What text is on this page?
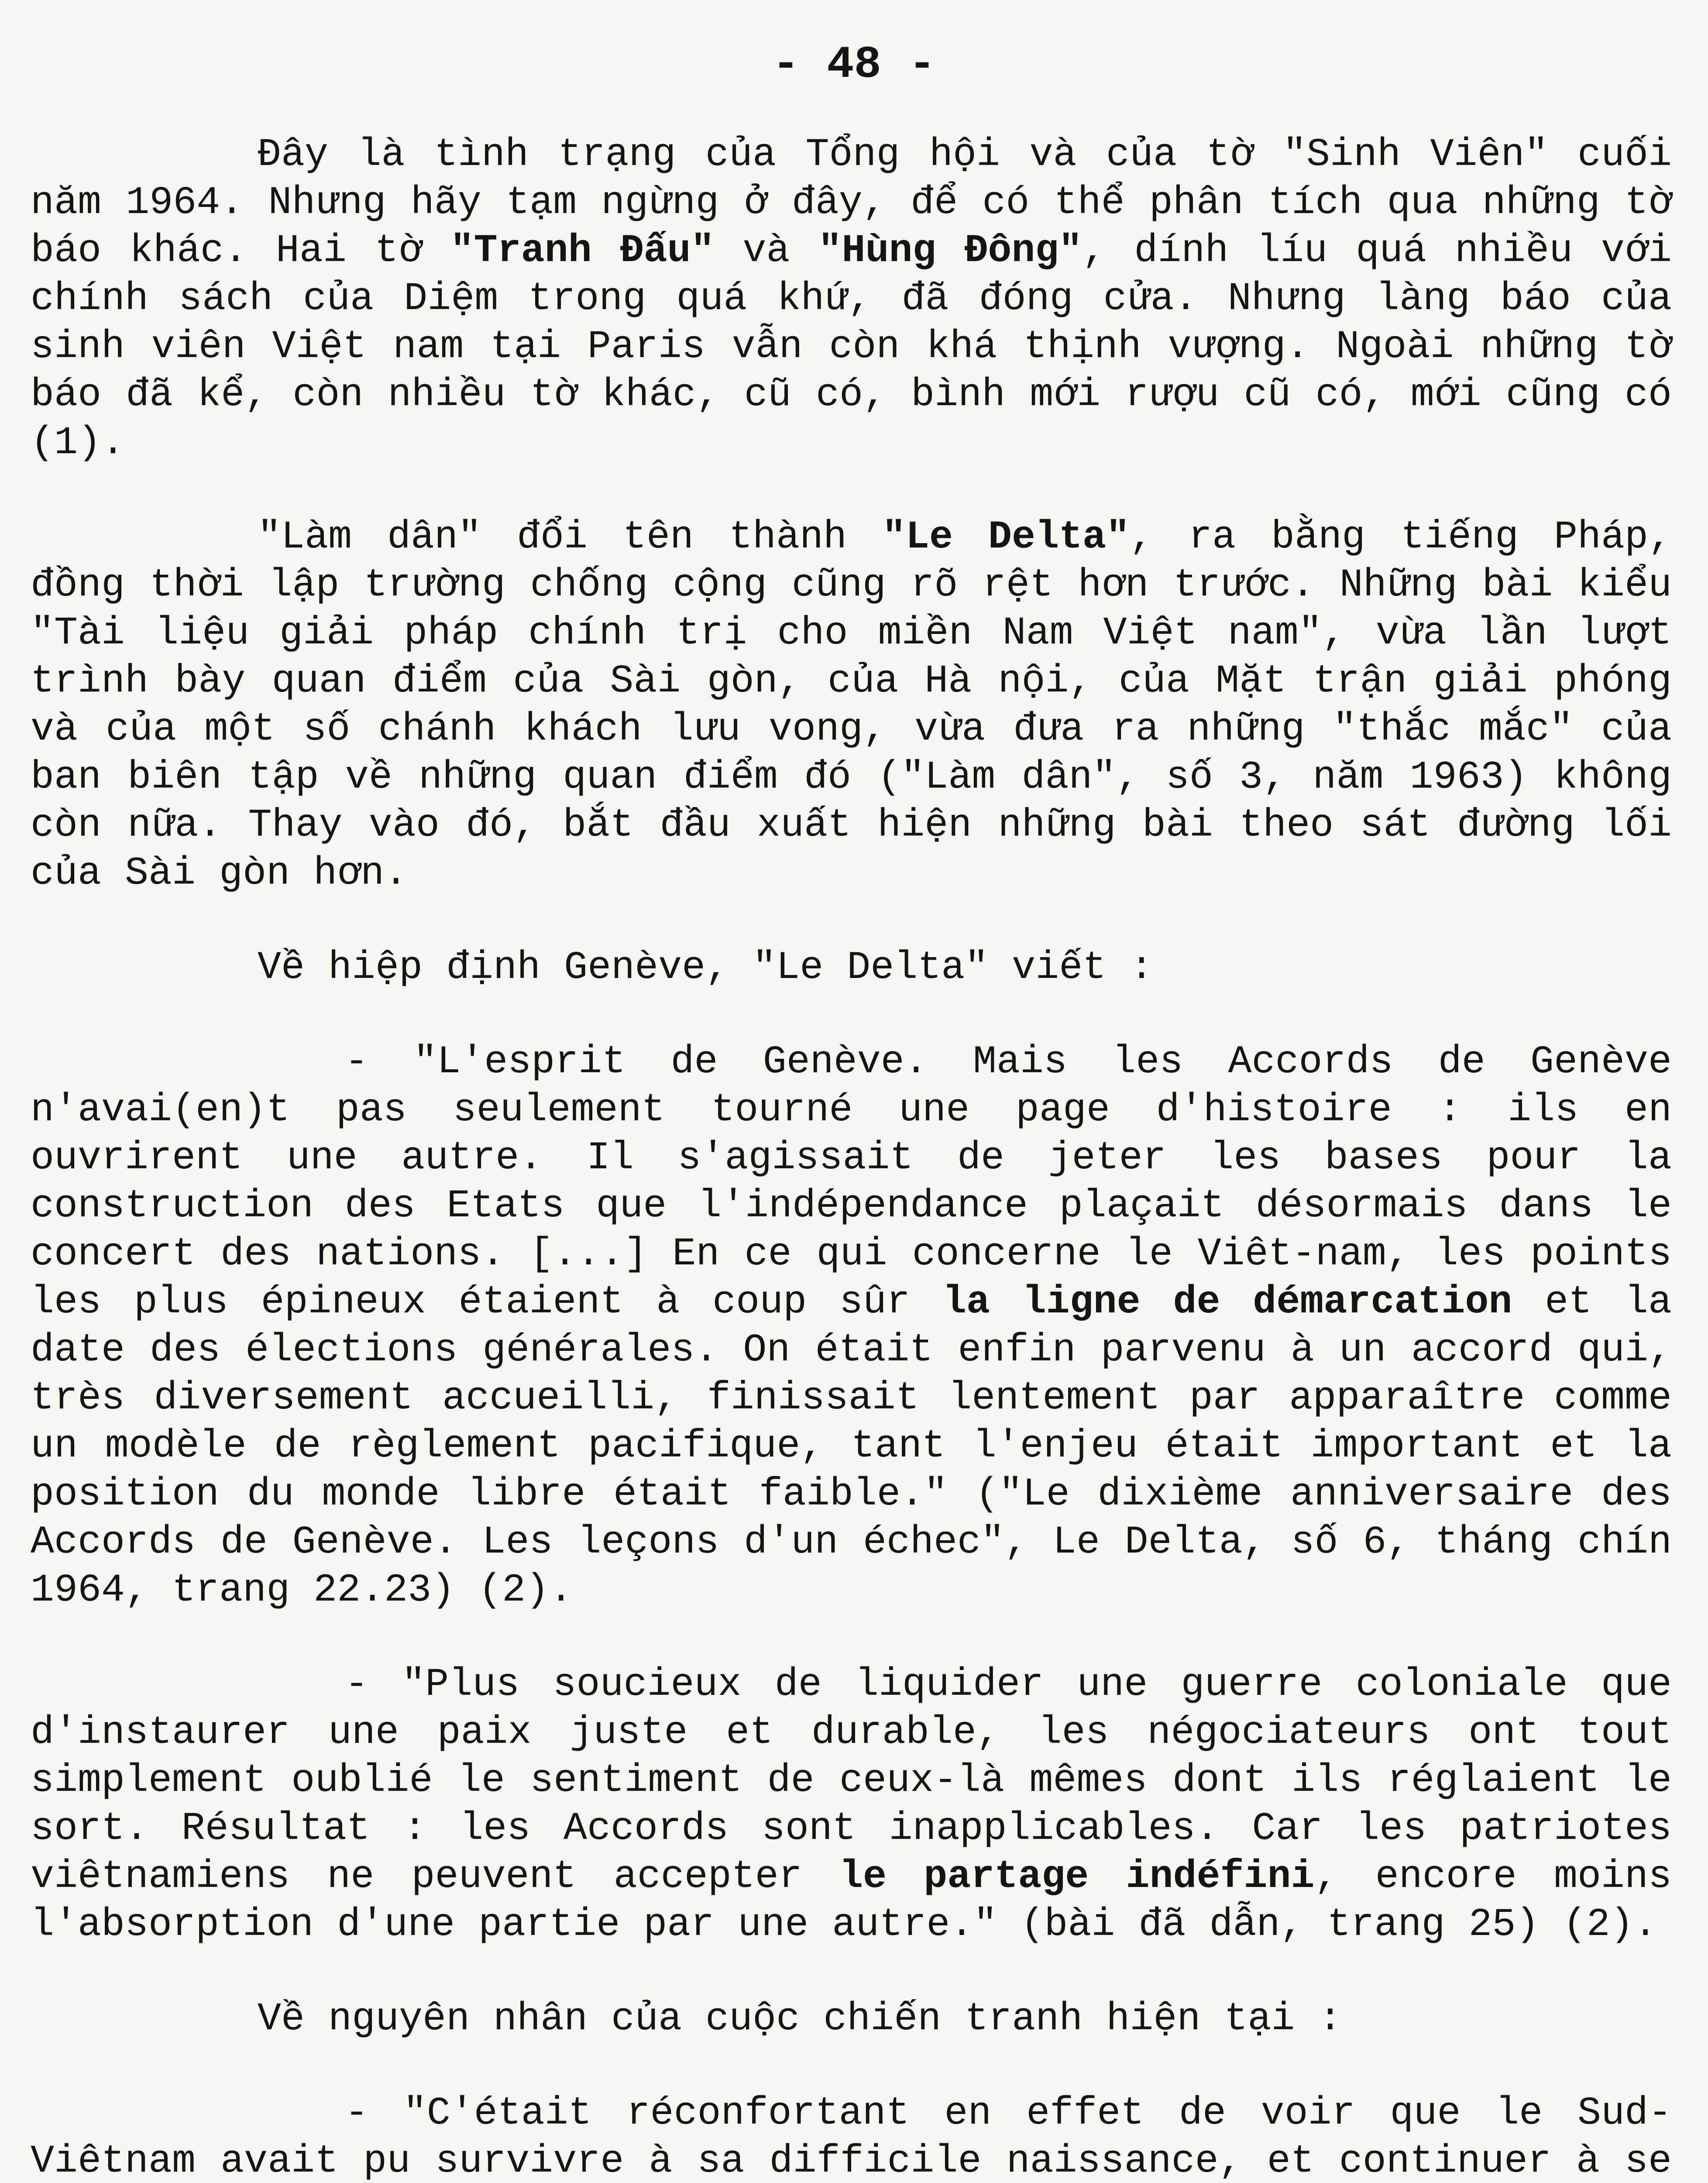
- 48 -

Đây là tình trạng của Tổng hội và của tờ "Sinh Viên" cuối năm 1964. Nhưng hãy tạm ngừng ở đây, để có thể phân tích qua những tờ báo khác. Hai tờ "Tranh Đấu" và "Hùng Đông", dính líu quá nhiều với chính sách của Diệm trong quá khứ, đã đóng cửa. Nhưng làng báo của sinh viên Việt nam tại Paris vẫn còn khá thịnh vượng. Ngoài những tờ báo đã kể, còn nhiều tờ khác, cũ có, bình mới rượu cũ có, mới cũng có (1).

"Làm dân" đổi tên thành "Le Delta", ra bằng tiếng Pháp, đồng thời lập trường chống cộng cũng rõ rệt hơn trước. Những bài kiểu "Tài liệu giải pháp chính trị cho miền Nam Việt nam", vừa lần lượt trình bày quan điểm của Sài gòn, của Hà nội, của Mặt trận giải phóng và của một số chánh khách lưu vong, vừa đưa ra những "thắc mắc" của ban biên tập về những quan điểm đó ("Làm dân", số 3, năm 1963) không còn nữa. Thay vào đó, bắt đầu xuất hiện những bài theo sát đường lối của Sài gòn hơn.

Về hiệp định Genève, "Le Delta" viết :

- "L'esprit de Genève. Mais les Accords de Genève n'avai(en)t pas seulement tourné une page d'histoire : ils en ouvrirent une autre. Il s'agissait de jeter les bases pour la construction des Etats que l'indépendance plaçait désormais dans le concert des nations. [...] En ce qui concerne le Viêt-nam, les points les plus épineux étaient à coup sûr la ligne de démarcation et la date des élections générales. On était enfin parvenu à un accord qui, très diversement accueilli, finissait lentement par apparaître comme un modèle de règlement pacifique, tant l'enjeu était important et la position du monde libre était faible." ("Le dixième anniversaire des Accords de Genève. Les leçons d'un échec", Le Delta, số 6, tháng chín 1964, trang 22.23) (2).

- "Plus soucieux de liquider une guerre coloniale que d'instaurer une paix juste et durable, les négociateurs ont tout simplement oublié le sentiment de ceux-là mêmes dont ils réglaient le sort. Résultat : les Accords sont inapplicables. Car les patriotes viêtnamiens ne peuvent accepter le partage indéfini, encore moins l'absorption d'une partie par une autre." (bài đã dẫn, trang 25) (2).

Về nguyên nhân của cuộc chiến tranh hiện tại :

- "C'était réconfortant en effet de voir que le Sud-Viêtnam avait pu survivre à sa difficile naissance, et continuer à se
